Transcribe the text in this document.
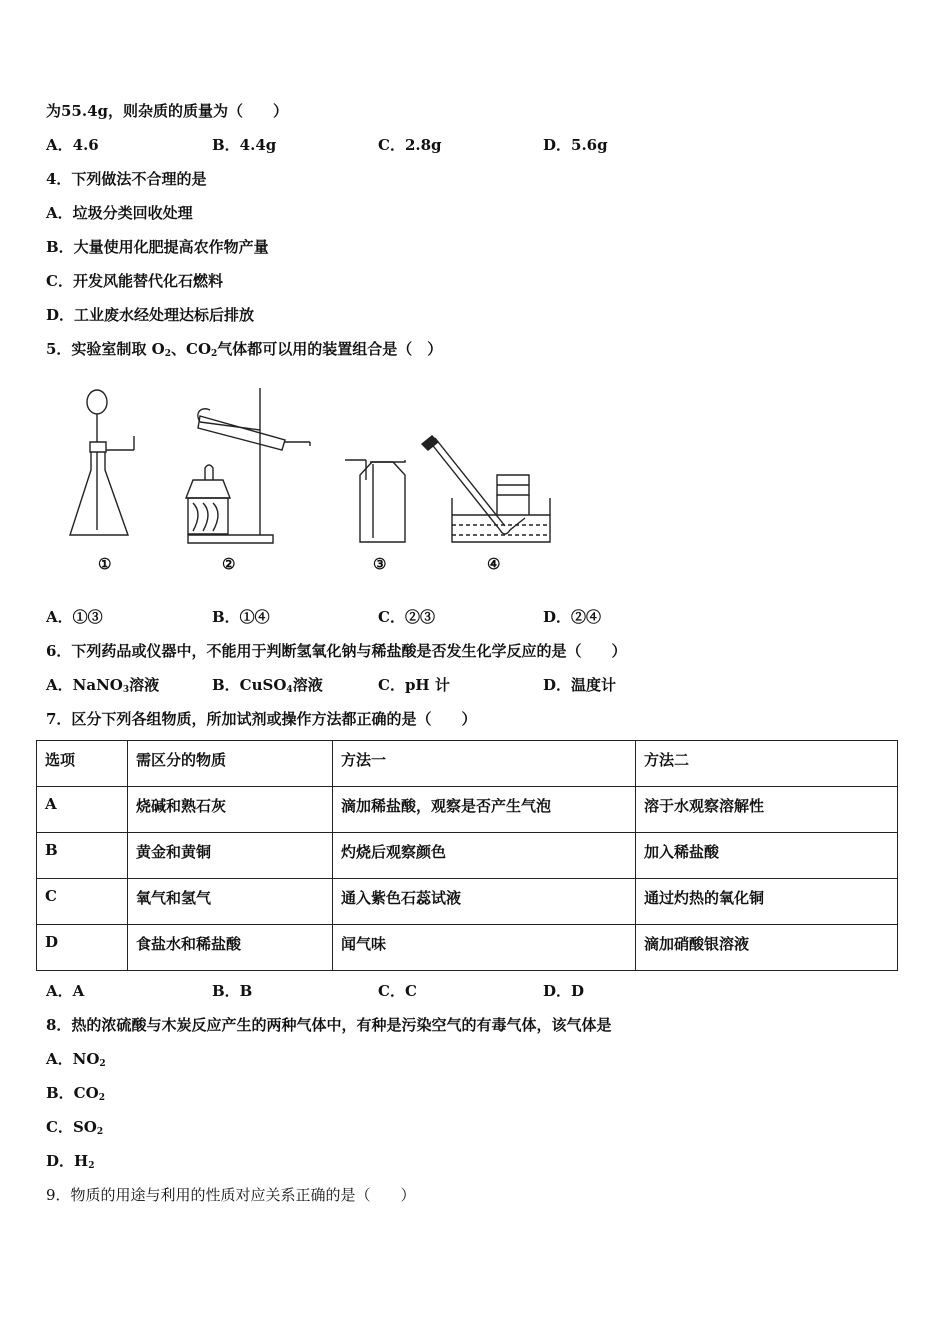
为55.4g，则杂质的质量为（　　）
A．4.6	B．4.4g	C．2.8g	D．5.6g
4．下列做法不合理的是
A．垃圾分类回收处理
B．大量使用化肥提高农作物产量
C．开发风能替代化石燃料
D．工业废水经处理达标后排放
5．实验室制取 $O_2$、$CO_2$气体都可以用的装置组合是（　）
①	②	③	④
A．①③	B．①④	C．②③	D．②④
6．下列药品或仪器中，不能用于判断氢氧化钠与稀盐酸是否发生化学反应的是（　　）
A．NaNO$_3$溶液	B．CuSO$_4$溶液	C．pH 计	D．温度计
7．区分下列各组物质，所加试剂或操作方法都正确的是（　　）
选项	需区分的物质	方法一	方法二
A	烧碱和熟石灰	滴加稀盐酸，观察是否产生气泡	溶于水观察溶解性
B	黄金和黄铜	灼烧后观察颜色	加入稀盐酸
C	氧气和氢气	通入紫色石蕊试液	通过灼热的氧化铜
D	食盐水和稀盐酸	闻气味	滴加硝酸银溶液
A．A	B．B	C．C	D．D
8．热的浓硫酸与木炭反应产生的两种气体中，有种是污染空气的有毒气体，该气体是
A．$NO_2$
B．$CO_2$
C．$SO_2$
D．$H_2$
9．物质的用途与利用的性质对应关系正确的是（　　）
